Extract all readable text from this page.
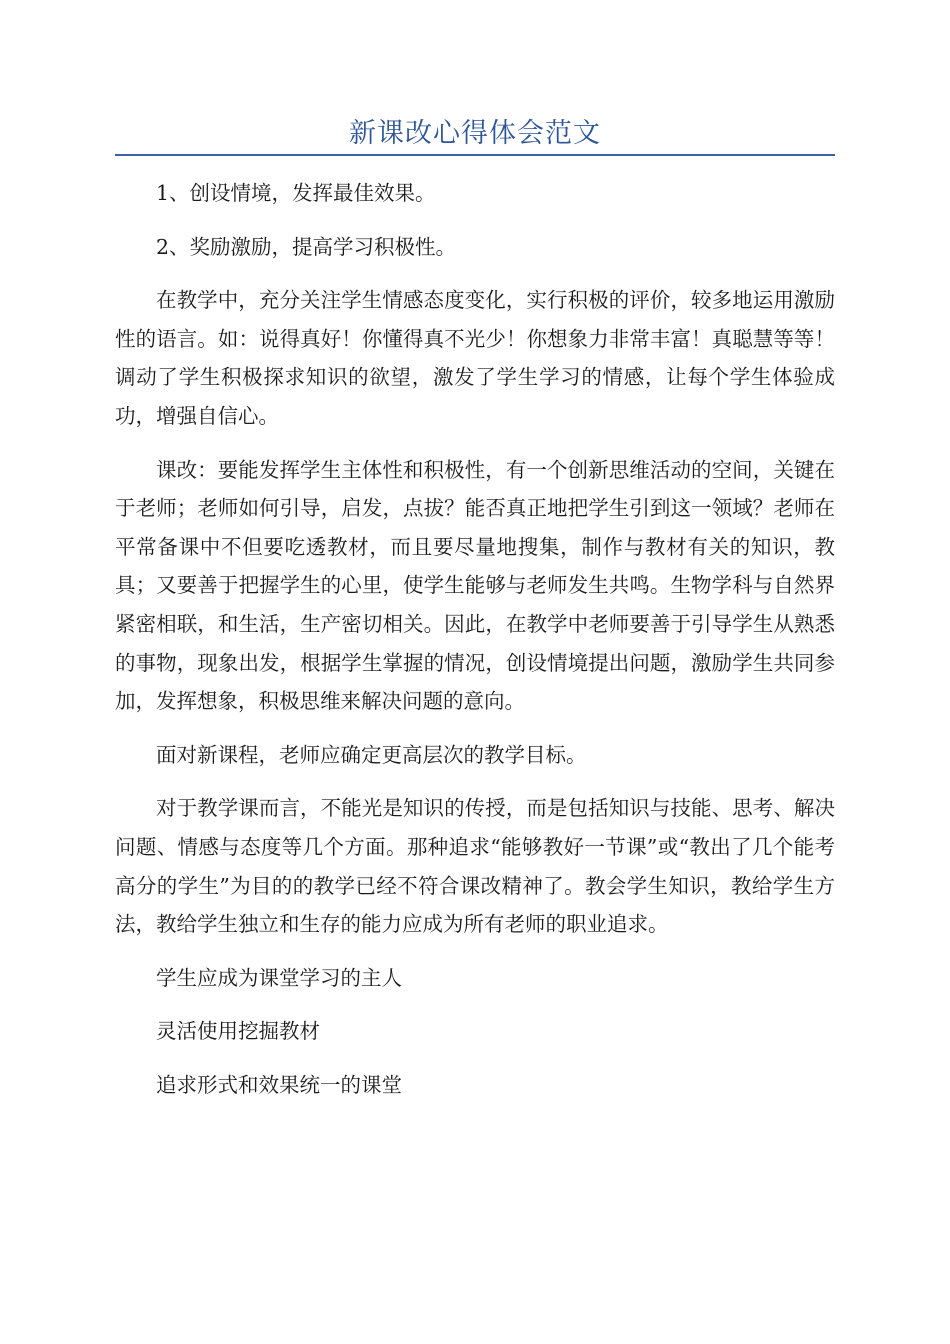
新课改心得体会范文

1、创设情境，发挥最佳效果。

2、奖励激励，提高学习积极性。

在教学中，充分关注学生情感态度变化，实行积极的评价，较多地运用激励性的语言。如：说得真好！你懂得真不光少！你想象力非常丰富！真聪慧等等！调动了学生积极探求知识的欲望，激发了学生学习的情感，让每个学生体验成功，增强自信心。

课改：要能发挥学生主体性和积极性，有一个创新思维活动的空间，关键在于老师；老师如何引导，启发，点拔？能否真正地把学生引到这一领域？老师在平常备课中不但要吃透教材，而且要尽量地搜集，制作与教材有关的知识，教具；又要善于把握学生的心里，使学生能够与老师发生共鸣。生物学科与自然界紧密相联，和生活，生产密切相关。因此，在教学中老师要善于引导学生从熟悉的事物，现象出发，根据学生掌握的情况，创设情境提出问题，激励学生共同参加，发挥想象，积极思维来解决问题的意向。

面对新课程，老师应确定更高层次的教学目标。

对于教学课而言，不能光是知识的传授，而是包括知识与技能、思考、解决问题、情感与态度等几个方面。那种追求“能够教好一节课”或“教出了几个能考高分的学生”为目的的教学已经不符合课改精神了。教会学生知识，教给学生方法，教给学生独立和生存的能力应成为所有老师的职业追求。

学生应成为课堂学习的主人

灵活使用挖掘教材

追求形式和效果统一的课堂
